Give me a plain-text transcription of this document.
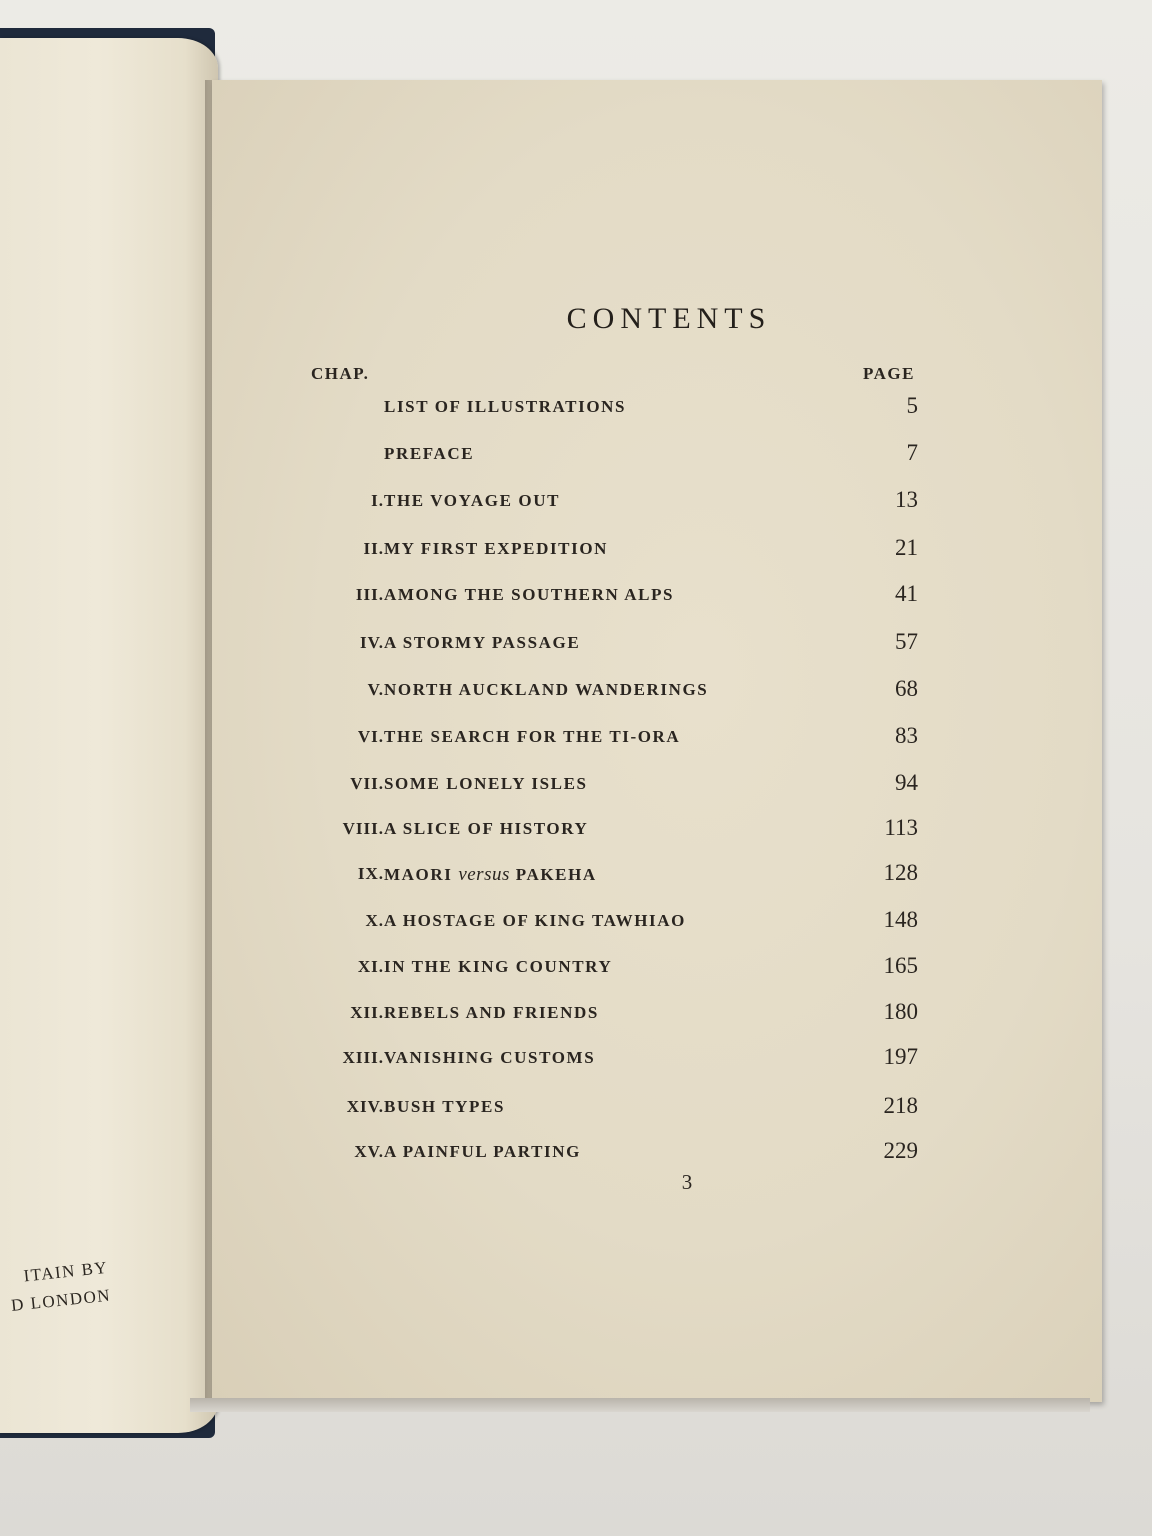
ITAIN BY
D LONDON
CONTENTS
CHAP.	PAGE
LIST OF ILLUSTRATIONS	5
PREFACE	7
I. THE VOYAGE OUT	13
II. MY FIRST EXPEDITION	21
III. AMONG THE SOUTHERN ALPS	41
IV. A STORMY PASSAGE	57
V. NORTH AUCKLAND WANDERINGS	68
VI. THE SEARCH FOR THE TI-ORA	83
VII. SOME LONELY ISLES	94
VIII. A SLICE OF HISTORY	113
IX. MAORI versus PAKEHA	128
X. A HOSTAGE OF KING TAWHIAO	148
XI. IN THE KING COUNTRY	165
XII. REBELS AND FRIENDS	180
XIII. VANISHING CUSTOMS	197
XIV. BUSH TYPES	218
XV. A PAINFUL PARTING	229
3
